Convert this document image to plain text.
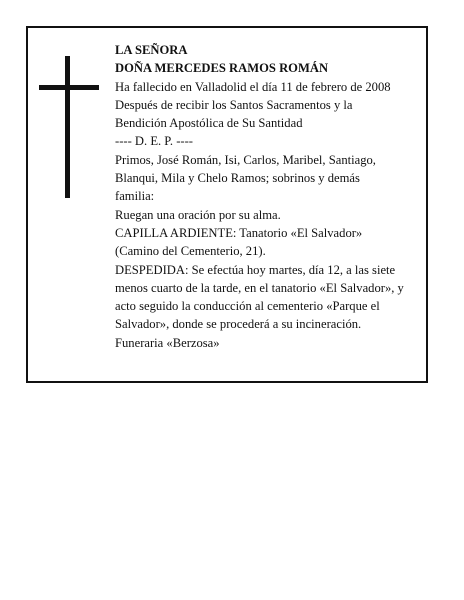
LA SEÑORA
DOÑA MERCEDES RAMOS ROMÁN
Ha fallecido en Valladolid el día 11 de febrero de 2008
Después de recibir los Santos Sacramentos y la
Bendición Apostólica de Su Santidad
---- D. E. P. ----
Primos, José Román, Isi, Carlos, Maribel, Santiago,
Blanqui, Mila y Chelo Ramos; sobrinos y demás
familia:
Ruegan una oración por su alma.
CAPILLA ARDIENTE: Tanatorio «El Salvador»
(Camino del Cementerio, 21).
DESPEDIDA: Se efectúa hoy martes, día 12, a las siete
menos cuarto de la tarde, en el tanatorio «El Salvador», y
acto seguido la conducción al cementerio «Parque el
Salvador», donde se procederá a su incineración.
Funeraria «Berzosa»
